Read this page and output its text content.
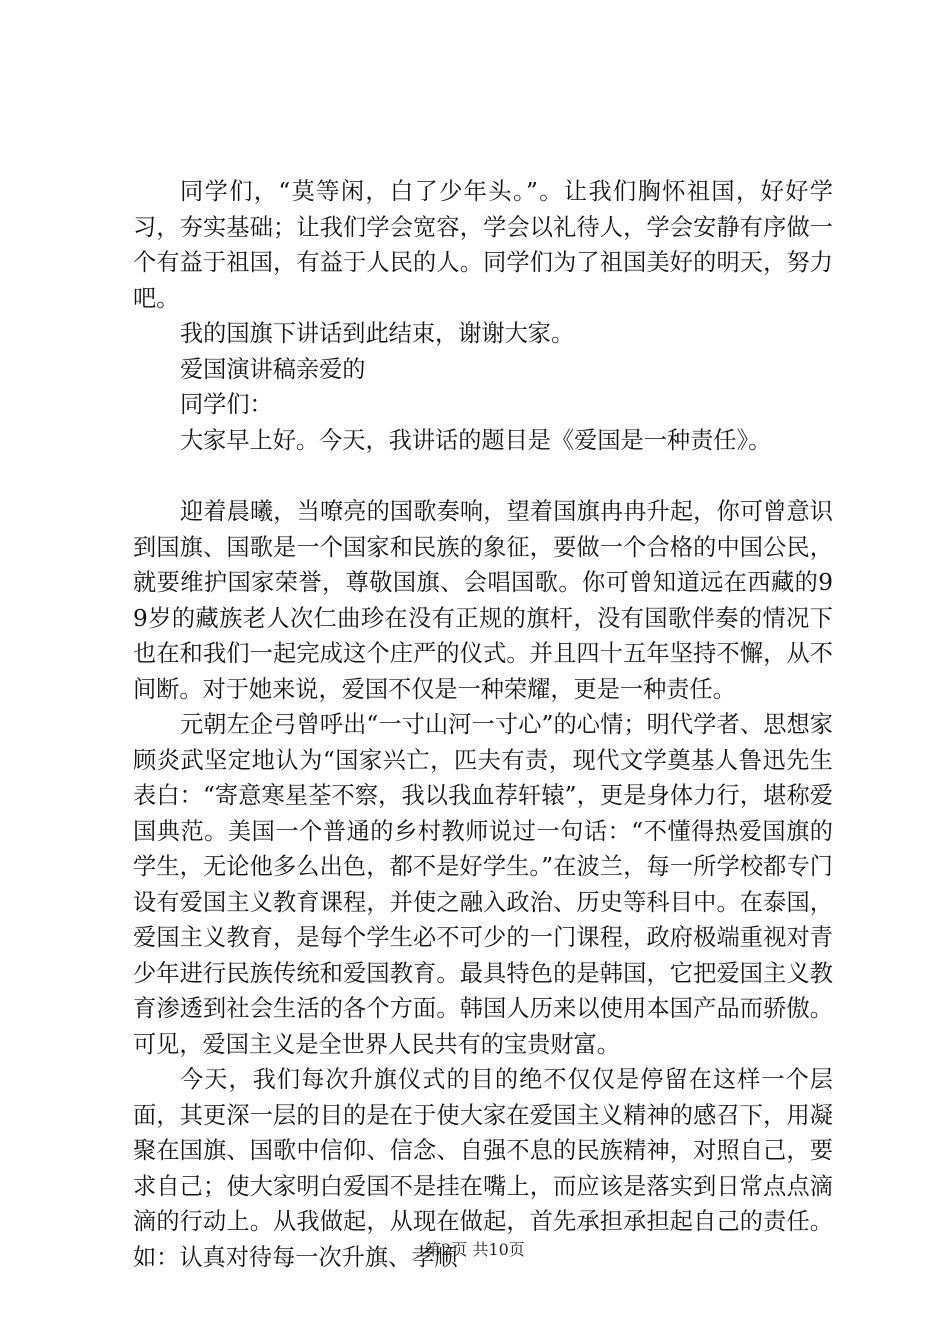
同学们，“莫等闲，白了少年头。”。让我们胸怀祖国，好好学习，夯实基础；让我们学会宽容，学会以礼待人，学会安静有序做一个有益于祖国，有益于人民的人。同学们为了祖国美好的明天，努力吧。

我的国旗下讲话到此结束，谢谢大家。

爱国演讲稿亲爱的

同学们：

大家早上好。今天，我讲话的题目是《爱国是一种责任》。

迎着晨曦，当嘹亮的国歌奏响，望着国旗冉冉升起，你可曾意识到国旗、国歌是一个国家和民族的象征，要做一个合格的中国公民，就要维护国家荣誉，尊敬国旗、会唱国歌。你可曾知道远在西藏的99岁的藏族老人次仁曲珍在没有正规的旗杆，没有国歌伴奏的情况下也在和我们一起完成这个庄严的仪式。并且四十五年坚持不懈，从不间断。对于她来说，爱国不仅是一种荣耀，更是一种责任。

元朝左企弓曾呼出“一寸山河一寸心”的心情；明代学者、思想家顾炎武坚定地认为“国家兴亡，匹夫有责，现代文学奠基人鲁迅先生表白：“寄意寒星荃不察，我以我血荐轩辕”，更是身体力行，堪称爱国典范。美国一个普通的乡村教师说过一句话：“不懂得热爱国旗的学生，无论他多么出色，都不是好学生。”在波兰，每一所学校都专门设有爱国主义教育课程，并使之融入政治、历史等科目中。在泰国，爱国主义教育，是每个学生必不可少的一门课程，政府极端重视对青少年进行民族传统和爱国教育。最具特色的是韩国，它把爱国主义教育渗透到社会生活的各个方面。韩国人历来以使用本国产品而骄傲。可见，爱国主义是全世界人民共有的宝贵财富。

今天，我们每次升旗仪式的目的绝不仅仅是停留在这样一个层面，其更深一层的目的是在于使大家在爱国主义精神的感召下，用凝聚在国旗、国歌中信仰、信念、自强不息的民族精神，对照自己，要求自己；使大家明白爱国不是挂在嘴上，而应该是落实到日常点点滴滴的行动上。从我做起，从现在做起，首先承担承担起自己的责任。如：认真对待每一次升旗、孝顺

第2页 共10页
